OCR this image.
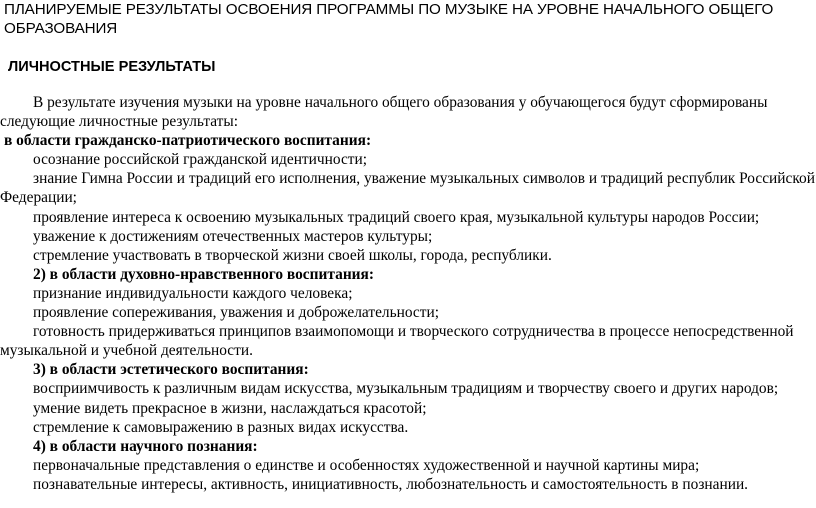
ПЛАНИРУЕМЫЕ РЕЗУЛЬТАТЫ ОСВОЕНИЯ ПРОГРАММЫ ПО МУЗЫКЕ НА УРОВНЕ НАЧАЛЬНОГО ОБЩЕГО ОБРАЗОВАНИЯ
ЛИЧНОСТНЫЕ РЕЗУЛЬТАТЫ

В результате изучения музыки на уровне начального общего образования у обучающегося будут сформированы следующие личностные результаты:

в области гражданско-патриотического воспитания:

осознание российской гражданской идентичности;

знание Гимна России и традиций его исполнения, уважение музыкальных символов и традиций республик Российской Федерации;

проявление интереса к освоению музыкальных традиций своего края, музыкальной культуры народов России;

уважение к достижениям отечественных мастеров культуры;

стремление участвовать в творческой жизни своей школы, города, республики.

2) в области духовно-нравственного воспитания:

признание индивидуальности каждого человека;

проявление сопереживания, уважения и доброжелательности;

готовность придерживаться принципов взаимопомощи и творческого сотрудничества в процессе непосредственной музыкальной и учебной деятельности.

3) в области эстетического воспитания:

восприимчивость к различным видам искусства, музыкальным традициям и творчеству своего и других народов;

умение видеть прекрасное в жизни, наслаждаться красотой;

стремление к самовыражению в разных видах искусства.

4) в области научного познания:

первоначальные представления о единстве и особенностях художественной и научной картины мира;

познавательные интересы, активность, инициативность, любознательность и самостоятельность в познании.
